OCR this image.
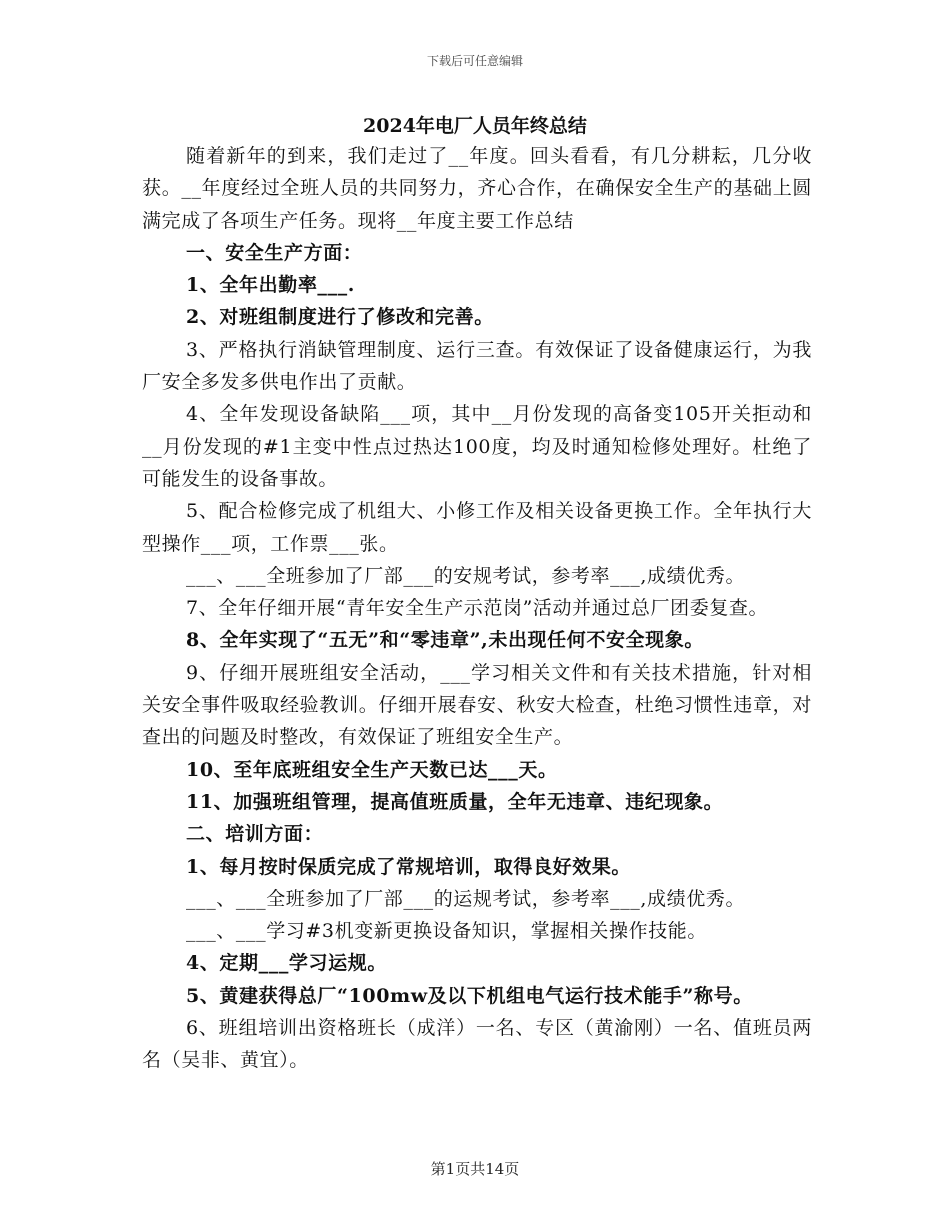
下载后可任意编辑
2024年电厂人员年终总结

随着新年的到来，我们走过了__年度。回头看看，有几分耕耘，几分收获。__年度经过全班人员的共同努力，齐心合作，在确保安全生产的基础上圆满完成了各项生产任务。现将__年度主要工作总结

一、安全生产方面：

1、全年出勤率___.

2、对班组制度进行了修改和完善。

3、严格执行消缺管理制度、运行三查。有效保证了设备健康运行，为我厂安全多发多供电作出了贡献。

4、全年发现设备缺陷___项，其中__月份发现的高备变105开关拒动和__月份发现的#1主变中性点过热达100度，均及时通知检修处理好。杜绝了可能发生的设备事故。

5、配合检修完成了机组大、小修工作及相关设备更换工作。全年执行大型操作___项，工作票___张。

___、___全班参加了厂部___的安规考试，参考率___,成绩优秀。

7、全年仔细开展“青年安全生产示范岗”活动并通过总厂团委复查。

8、全年实现了“五无”和“零违章”,未出现任何不安全现象。

9、仔细开展班组安全活动，___学习相关文件和有关技术措施，针对相关安全事件吸取经验教训。仔细开展春安、秋安大检查，杜绝习惯性违章，对查出的问题及时整改，有效保证了班组安全生产。

10、至年底班组安全生产天数已达___天。

11、加强班组管理，提高值班质量，全年无违章、违纪现象。

二、培训方面：

1、每月按时保质完成了常规培训，取得良好效果。

___、___全班参加了厂部___的运规考试，参考率___,成绩优秀。

___、___学习#3机变新更换设备知识，掌握相关操作技能。

4、定期___学习运规。

5、黄建获得总厂“100mw及以下机组电气运行技术能手”称号。

6、班组培训出资格班长（成洋）一名、专区（黄渝刚）一名、值班员两名（吴非、黄宜）。

第1页共14页
